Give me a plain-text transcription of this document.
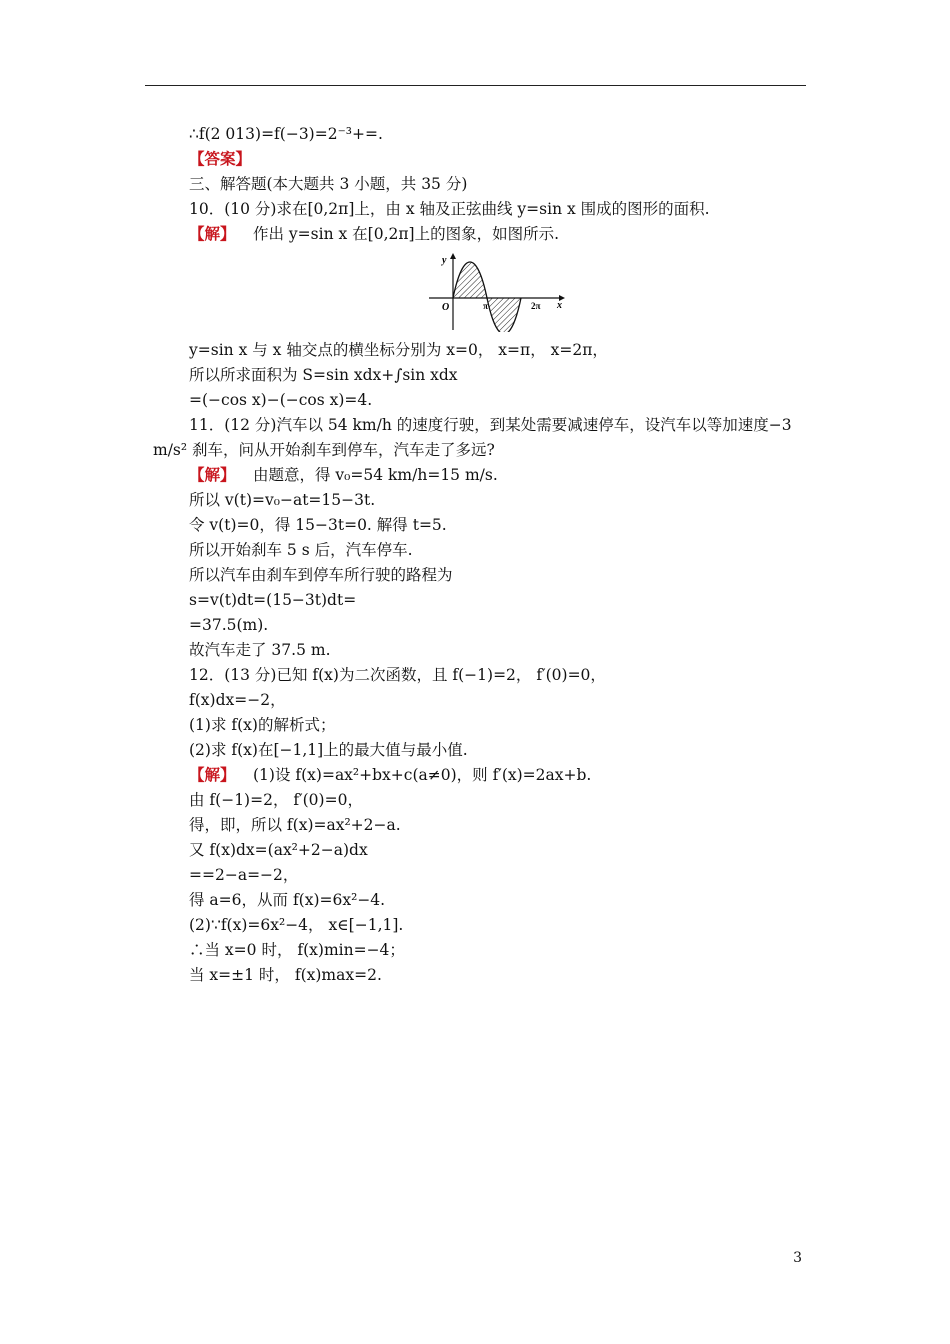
∴f(2 013)=f(−3)=2⁻³+=.
【答案】
三、解答题(本大题共 3 小题，共 35 分)
10．(10 分)求在[0,2π]上，由 x 轴及正弦曲线 y=sin x 围成的图形的面积.
【解】 作出 y=sin x 在[0,2π]上的图象，如图所示.
y
x
O	π	2π
y=sin x 与 x 轴交点的横坐标分别为 x=0， x=π， x=2π，
所以所求面积为 S=sin xdx+∫sin xdx
=(−cos x)−(−cos x)=4.
11．(12 分)汽车以 54 km/h 的速度行驶，到某处需要减速停车，设汽车以等加速度−3
m/s² 刹车，问从开始刹车到停车，汽车走了多远?
【解】 由题意，得 v₀=54 km/h=15 m/s.
所以 v(t)=v₀−at=15−3t.
令 v(t)=0，得 15−3t=0. 解得 t=5.
所以开始刹车 5 s 后，汽车停车.
所以汽车由刹车到停车所行驶的路程为
s=v(t)dt=(15−3t)dt=
=37.5(m).
故汽车走了 37.5 m.
12．(13 分)已知 f(x)为二次函数，且 f(−1)=2， f′(0)=0，
f(x)dx=−2，
(1)求 f(x)的解析式；
(2)求 f(x)在[−1,1]上的最大值与最小值.
【解】 (1)设 f(x)=ax²+bx+c(a≠0)，则 f′(x)=2ax+b.
由 f(−1)=2， f′(0)=0，
得，即，所以 f(x)=ax²+2−a.
又 f(x)dx=(ax²+2−a)dx
==2−a=−2，
得 a=6，从而 f(x)=6x²−4.
(2)∵f(x)=6x²−4， x∈[−1,1].
∴当 x=0 时， f(x)min=−4；
当 x=±1 时， f(x)max=2.
3
